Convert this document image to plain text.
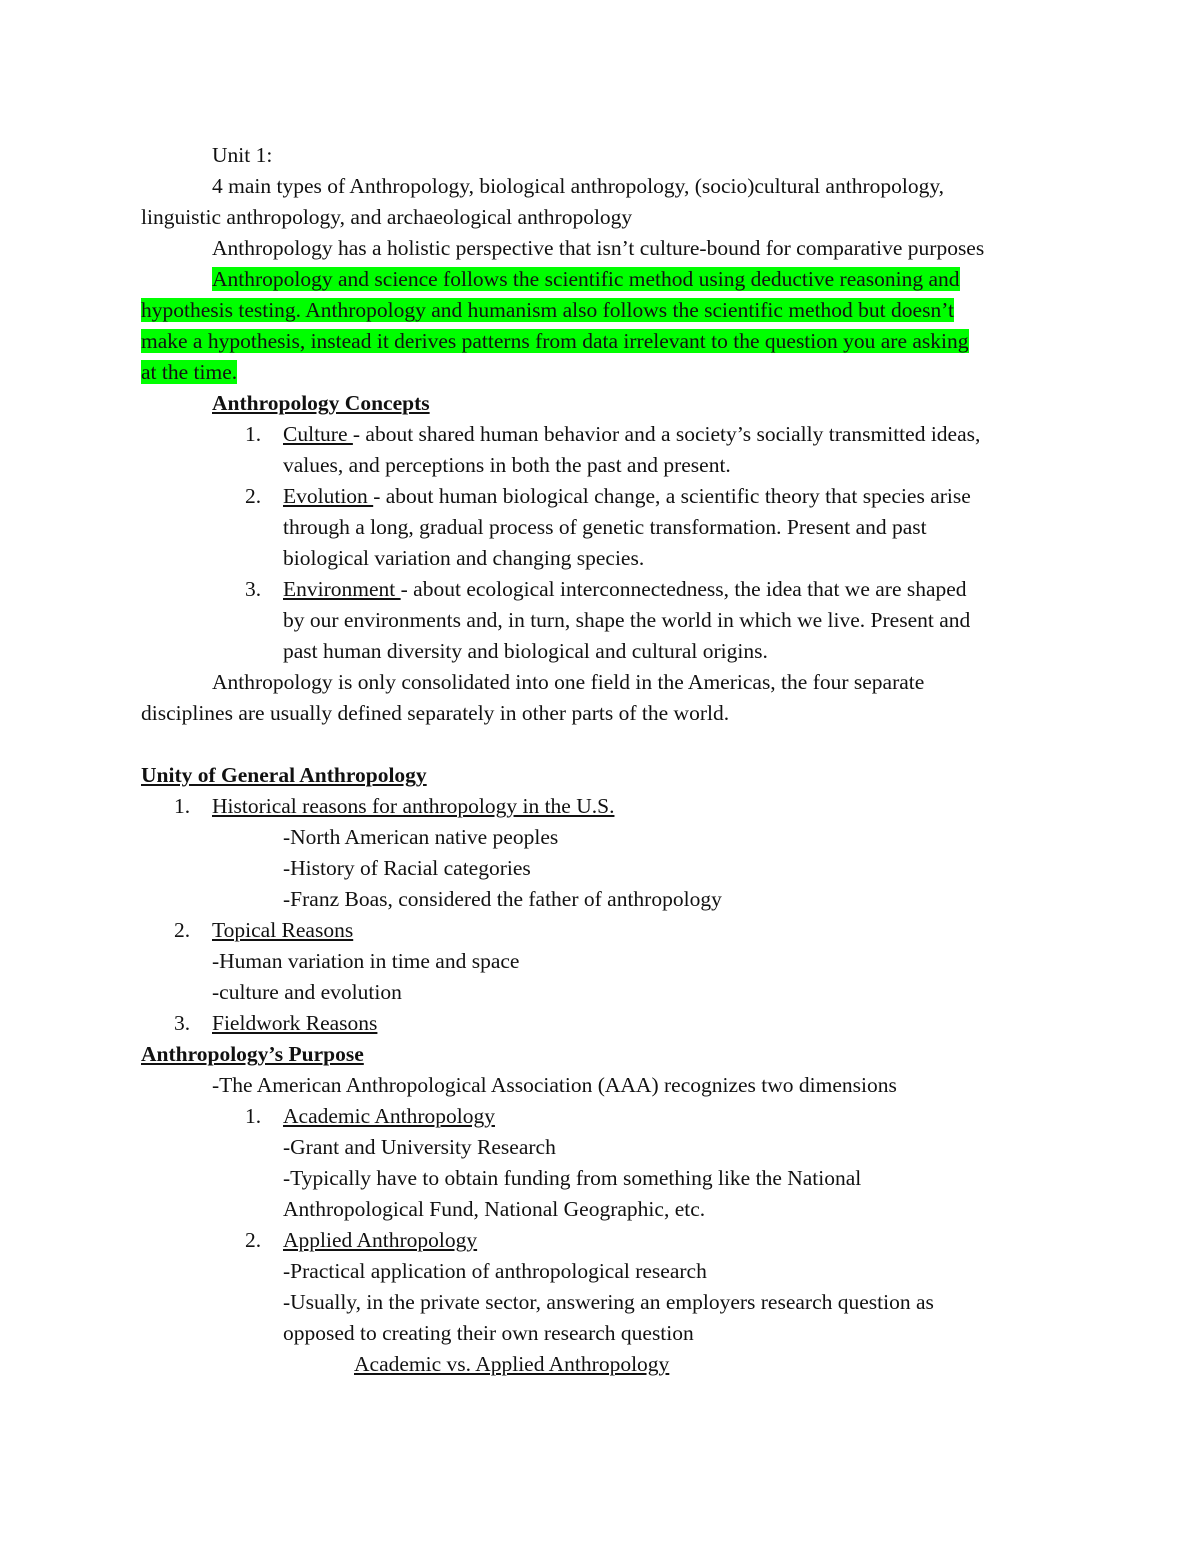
Unit 1:
4 main types of Anthropology, biological anthropology, (socio)cultural anthropology,
linguistic anthropology, and archaeological anthropology
Anthropology has a holistic perspective that isn’t culture-bound for comparative purposes
Anthropology and science follows the scientific method using deductive reasoning and
hypothesis testing. Anthropology and humanism also follows the scientific method but doesn’t
make a hypothesis, instead it derives patterns from data irrelevant to the question you are asking
at the time.
Anthropology Concepts
1. Culture - about shared human behavior and a society’s socially transmitted ideas,
values, and perceptions in both the past and present.
2. Evolution - about human biological change, a scientific theory that species arise
through a long, gradual process of genetic transformation. Present and past
biological variation and changing species.
3. Environment - about ecological interconnectedness, the idea that we are shaped
by our environments and, in turn, shape the world in which we live. Present and
past human diversity and biological and cultural origins.
Anthropology is only consolidated into one field in the Americas, the four separate
disciplines are usually defined separately in other parts of the world.
Unity of General Anthropology
1. Historical reasons for anthropology in the U.S.
-North American native peoples
-History of Racial categories
-Franz Boas, considered the father of anthropology
2. Topical Reasons
-Human variation in time and space
-culture and evolution
3. Fieldwork Reasons
Anthropology’s Purpose
-The American Anthropological Association (AAA) recognizes two dimensions
1. Academic Anthropology
-Grant and University Research
-Typically have to obtain funding from something like the National
Anthropological Fund, National Geographic, etc.
2. Applied Anthropology
-Practical application of anthropological research
-Usually, in the private sector, answering an employers research question as
opposed to creating their own research question
Academic vs. Applied Anthropology
